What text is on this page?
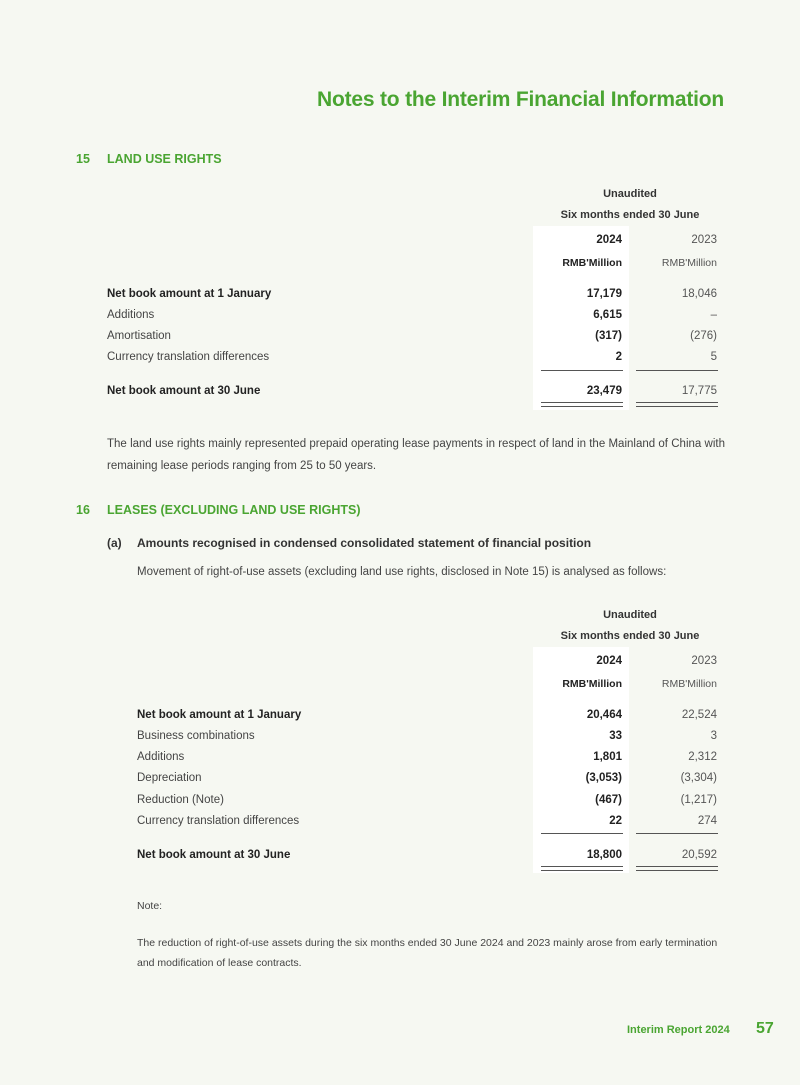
Notes to the Interim Financial Information
15 LAND USE RIGHTS
Unaudited
Six months ended 30 June
2024	2023
RMB'Million	RMB'Million
Net book amount at 1 January	17,179	18,046
Additions	6,615	–
Amortisation	(317)	(276)
Currency translation differences	2	5
Net book amount at 30 June	23,479	17,775
The land use rights mainly represented prepaid operating lease payments in respect of land in the Mainland of China with remaining lease periods ranging from 25 to 50 years.
16 LEASES (EXCLUDING LAND USE RIGHTS)
(a) Amounts recognised in condensed consolidated statement of financial position
Movement of right-of-use assets (excluding land use rights, disclosed in Note 15) is analysed as follows:
Unaudited
Six months ended 30 June
2024	2023
RMB'Million	RMB'Million
Net book amount at 1 January	20,464	22,524
Business combinations	33	3
Additions	1,801	2,312
Depreciation	(3,053)	(3,304)
Reduction (Note)	(467)	(1,217)
Currency translation differences	22	274
Net book amount at 30 June	18,800	20,592
Note:
The reduction of right-of-use assets during the six months ended 30 June 2024 and 2023 mainly arose from early termination and modification of lease contracts.
Interim Report 2024 57
